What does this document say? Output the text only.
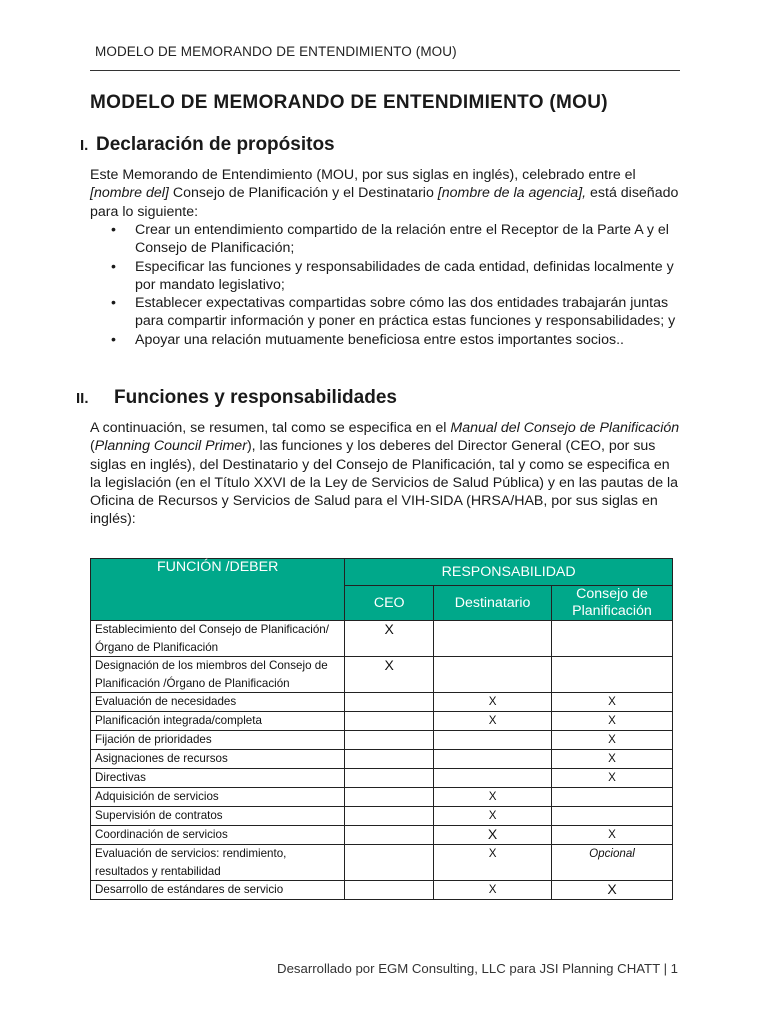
MODELO DE MEMORANDO DE ENTENDIMIENTO (MOU)
MODELO DE MEMORANDO DE ENTENDIMIENTO (MOU)
I. Declaración de propósitos

Este Memorando de Entendimiento (MOU, por sus siglas en inglés), celebrado entre el [nombre del] Consejo de Planificación y el Destinatario [nombre de la agencia], está diseñado para lo siguiente:

• Crear un entendimiento compartido de la relación entre el Receptor de la Parte A y el Consejo de Planificación;
• Especificar las funciones y responsabilidades de cada entidad, definidas localmente y por mandato legislativo;
• Establecer expectativas compartidas sobre cómo las dos entidades trabajarán juntas para compartir información y poner en práctica estas funciones y responsabilidades; y
• Apoyar una relación mutuamente beneficiosa entre estos importantes socios..
II.	Funciones y responsabilidades

A continuación, se resumen, tal como se especifica en el Manual del Consejo de Planificación (Planning Council Primer), las funciones y los deberes del Director General (CEO, por sus siglas en inglés), del Destinatario y del Consejo de Planificación, tal y como se especifica en la legislación (en el Título XXVI de la Ley de Servicios de Salud Pública) y en las pautas de la Oficina de Recursos y Servicios de Salud para el VIH-SIDA (HRSA/HAB, por sus siglas en inglés):

FUNCIÓN /DEBER	RESPONSABILIDAD		
	CEO	Destinatario	Consejo de Planificación
Establecimiento del Consejo de Planificación/Órgano de Planificación	X		
Designación de los miembros del Consejo de Planificación /Órgano de Planificación	X		
Evaluación de necesidades		X	X
Planificación integrada/completa		X	X
Fijación de prioridades			X
Asignaciones de recursos			X
Directivas			X
Adquisición de servicios		X	
Supervisión de contratos		X	
Coordinación de servicios		X	X
Evaluación de servicios: rendimiento, resultados y rentabilidad		X	Opcional
Desarrollo de estándares de servicio		X	X
Desarrollado por EGM Consulting, LLC para JSI Planning CHATT | 1
